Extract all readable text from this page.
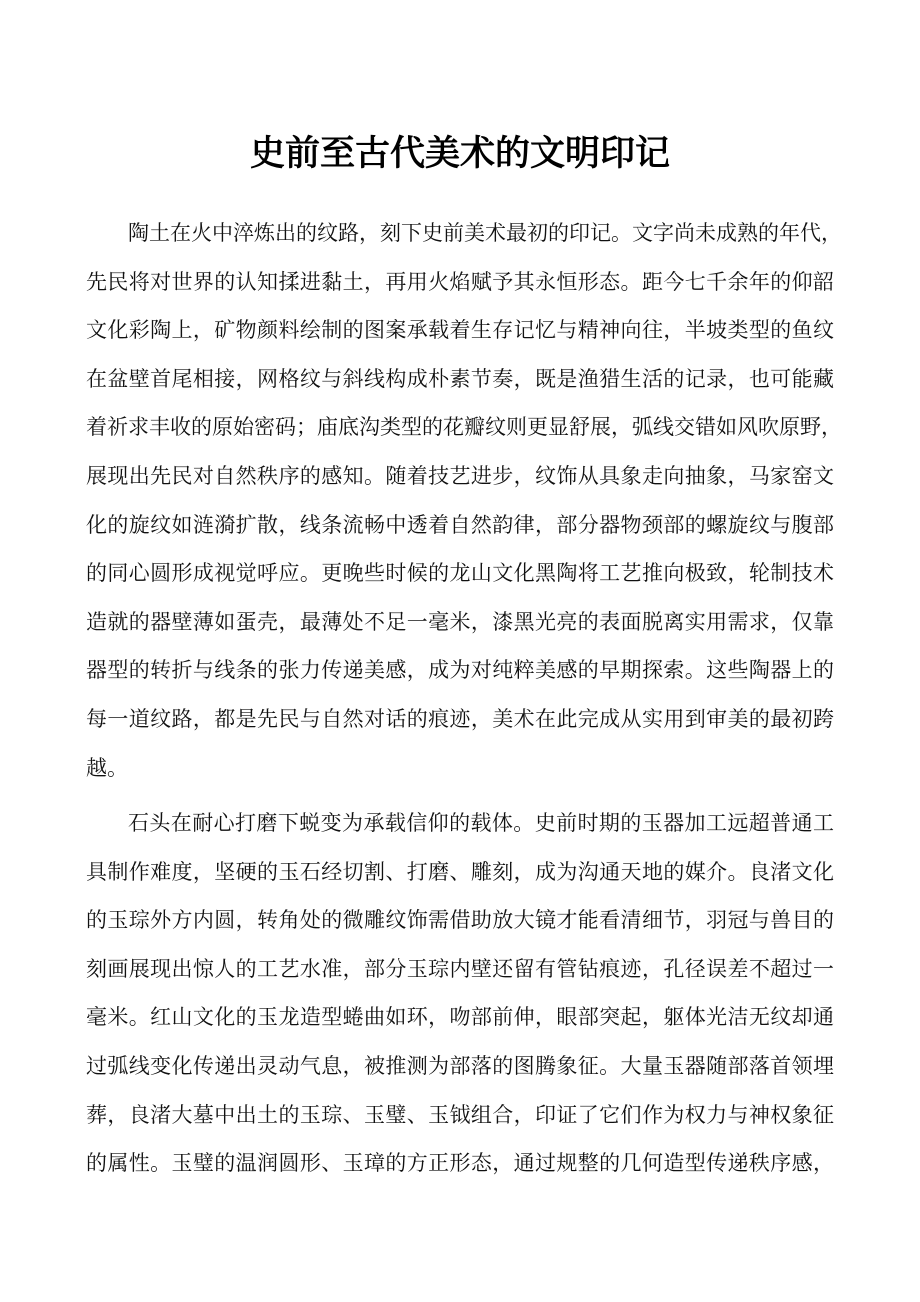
史前至古代美术的文明印记
陶土在火中淬炼出的纹路，刻下史前美术最初的印记。文字尚未成熟的年代，
先民将对世界的认知揉进黏土，再用火焰赋予其永恒形态。距今七千余年的仰韶
文化彩陶上，矿物颜料绘制的图案承载着生存记忆与精神向往，半坡类型的鱼纹
在盆壁首尾相接，网格纹与斜线构成朴素节奏，既是渔猎生活的记录，也可能藏
着祈求丰收的原始密码；庙底沟类型的花瓣纹则更显舒展，弧线交错如风吹原野，
展现出先民对自然秩序的感知。随着技艺进步，纹饰从具象走向抽象，马家窑文
化的旋纹如涟漪扩散，线条流畅中透着自然韵律，部分器物颈部的螺旋纹与腹部
的同心圆形成视觉呼应。更晚些时候的龙山文化黑陶将工艺推向极致，轮制技术
造就的器壁薄如蛋壳，最薄处不足一毫米，漆黑光亮的表面脱离实用需求，仅靠
器型的转折与线条的张力传递美感，成为对纯粹美感的早期探索。这些陶器上的
每一道纹路，都是先民与自然对话的痕迹，美术在此完成从实用到审美的最初跨
越。
石头在耐心打磨下蜕变为承载信仰的载体。史前时期的玉器加工远超普通工
具制作难度，坚硬的玉石经切割、打磨、雕刻，成为沟通天地的媒介。良渚文化
的玉琮外方内圆，转角处的微雕纹饰需借助放大镜才能看清细节，羽冠与兽目的
刻画展现出惊人的工艺水准，部分玉琮内壁还留有管钻痕迹，孔径误差不超过一
毫米。红山文化的玉龙造型蜷曲如环，吻部前伸，眼部突起，躯体光洁无纹却通
过弧线变化传递出灵动气息，被推测为部落的图腾象征。大量玉器随部落首领埋
葬，良渚大墓中出土的玉琮、玉璧、玉钺组合，印证了它们作为权力与神权象征
的属性。玉璧的温润圆形、玉璋的方正形态，通过规整的几何造型传递秩序感，
